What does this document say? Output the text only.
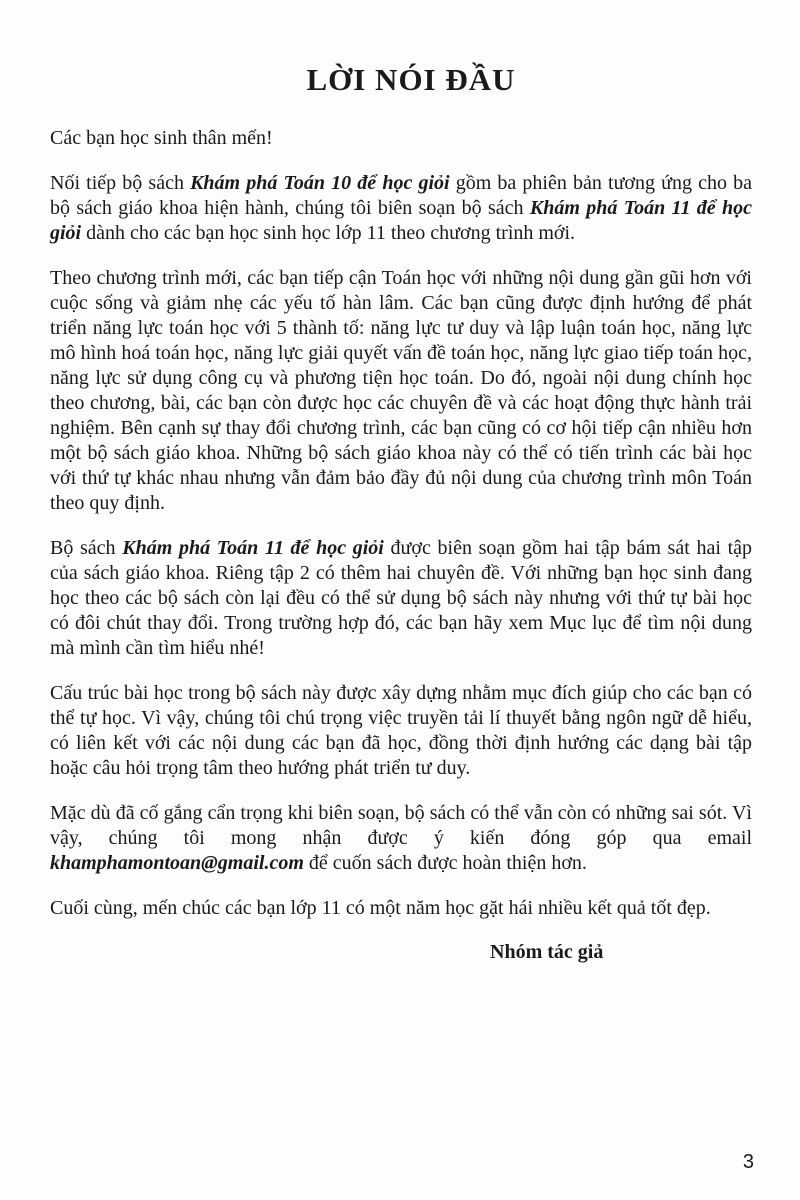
LỜI NÓI ĐẦU

Các bạn học sinh thân mến!

Nối tiếp bộ sách Khám phá Toán 10 để học giỏi gồm ba phiên bản tương ứng cho ba bộ sách giáo khoa hiện hành, chúng tôi biên soạn bộ sách Khám phá Toán 11 để học giỏi dành cho các bạn học sinh học lớp 11 theo chương trình mới.

Theo chương trình mới, các bạn tiếp cận Toán học với những nội dung gần gũi hơn với cuộc sống và giảm nhẹ các yếu tố hàn lâm. Các bạn cũng được định hướng để phát triển năng lực toán học với 5 thành tố: năng lực tư duy và lập luận toán học, năng lực mô hình hoá toán học, năng lực giải quyết vấn đề toán học, năng lực giao tiếp toán học, năng lực sử dụng công cụ và phương tiện học toán. Do đó, ngoài nội dung chính học theo chương, bài, các bạn còn được học các chuyên đề và các hoạt động thực hành trải nghiệm. Bên cạnh sự thay đổi chương trình, các bạn cũng có cơ hội tiếp cận nhiều hơn một bộ sách giáo khoa. Những bộ sách giáo khoa này có thể có tiến trình các bài học với thứ tự khác nhau nhưng vẫn đảm bảo đầy đủ nội dung của chương trình môn Toán theo quy định.

Bộ sách Khám phá Toán 11 để học giỏi được biên soạn gồm hai tập bám sát hai tập của sách giáo khoa. Riêng tập 2 có thêm hai chuyên đề. Với những bạn học sinh đang học theo các bộ sách còn lại đều có thể sử dụng bộ sách này nhưng với thứ tự bài học có đôi chút thay đổi. Trong trường hợp đó, các bạn hãy xem Mục lục để tìm nội dung mà mình cần tìm hiểu nhé!

Cấu trúc bài học trong bộ sách này được xây dựng nhằm mục đích giúp cho các bạn có thể tự học. Vì vậy, chúng tôi chú trọng việc truyền tải lí thuyết bằng ngôn ngữ dễ hiểu, có liên kết với các nội dung các bạn đã học, đồng thời định hướng các dạng bài tập hoặc câu hỏi trọng tâm theo hướng phát triển tư duy.

Mặc dù đã cố gắng cẩn trọng khi biên soạn, bộ sách có thể vẫn còn có những sai sót. Vì vậy, chúng tôi mong nhận được ý kiến đóng góp qua email khamphamontoan@gmail.com để cuốn sách được hoàn thiện hơn.

Cuối cùng, mến chúc các bạn lớp 11 có một năm học gặt hái nhiều kết quả tốt đẹp.

Nhóm tác giả

3
